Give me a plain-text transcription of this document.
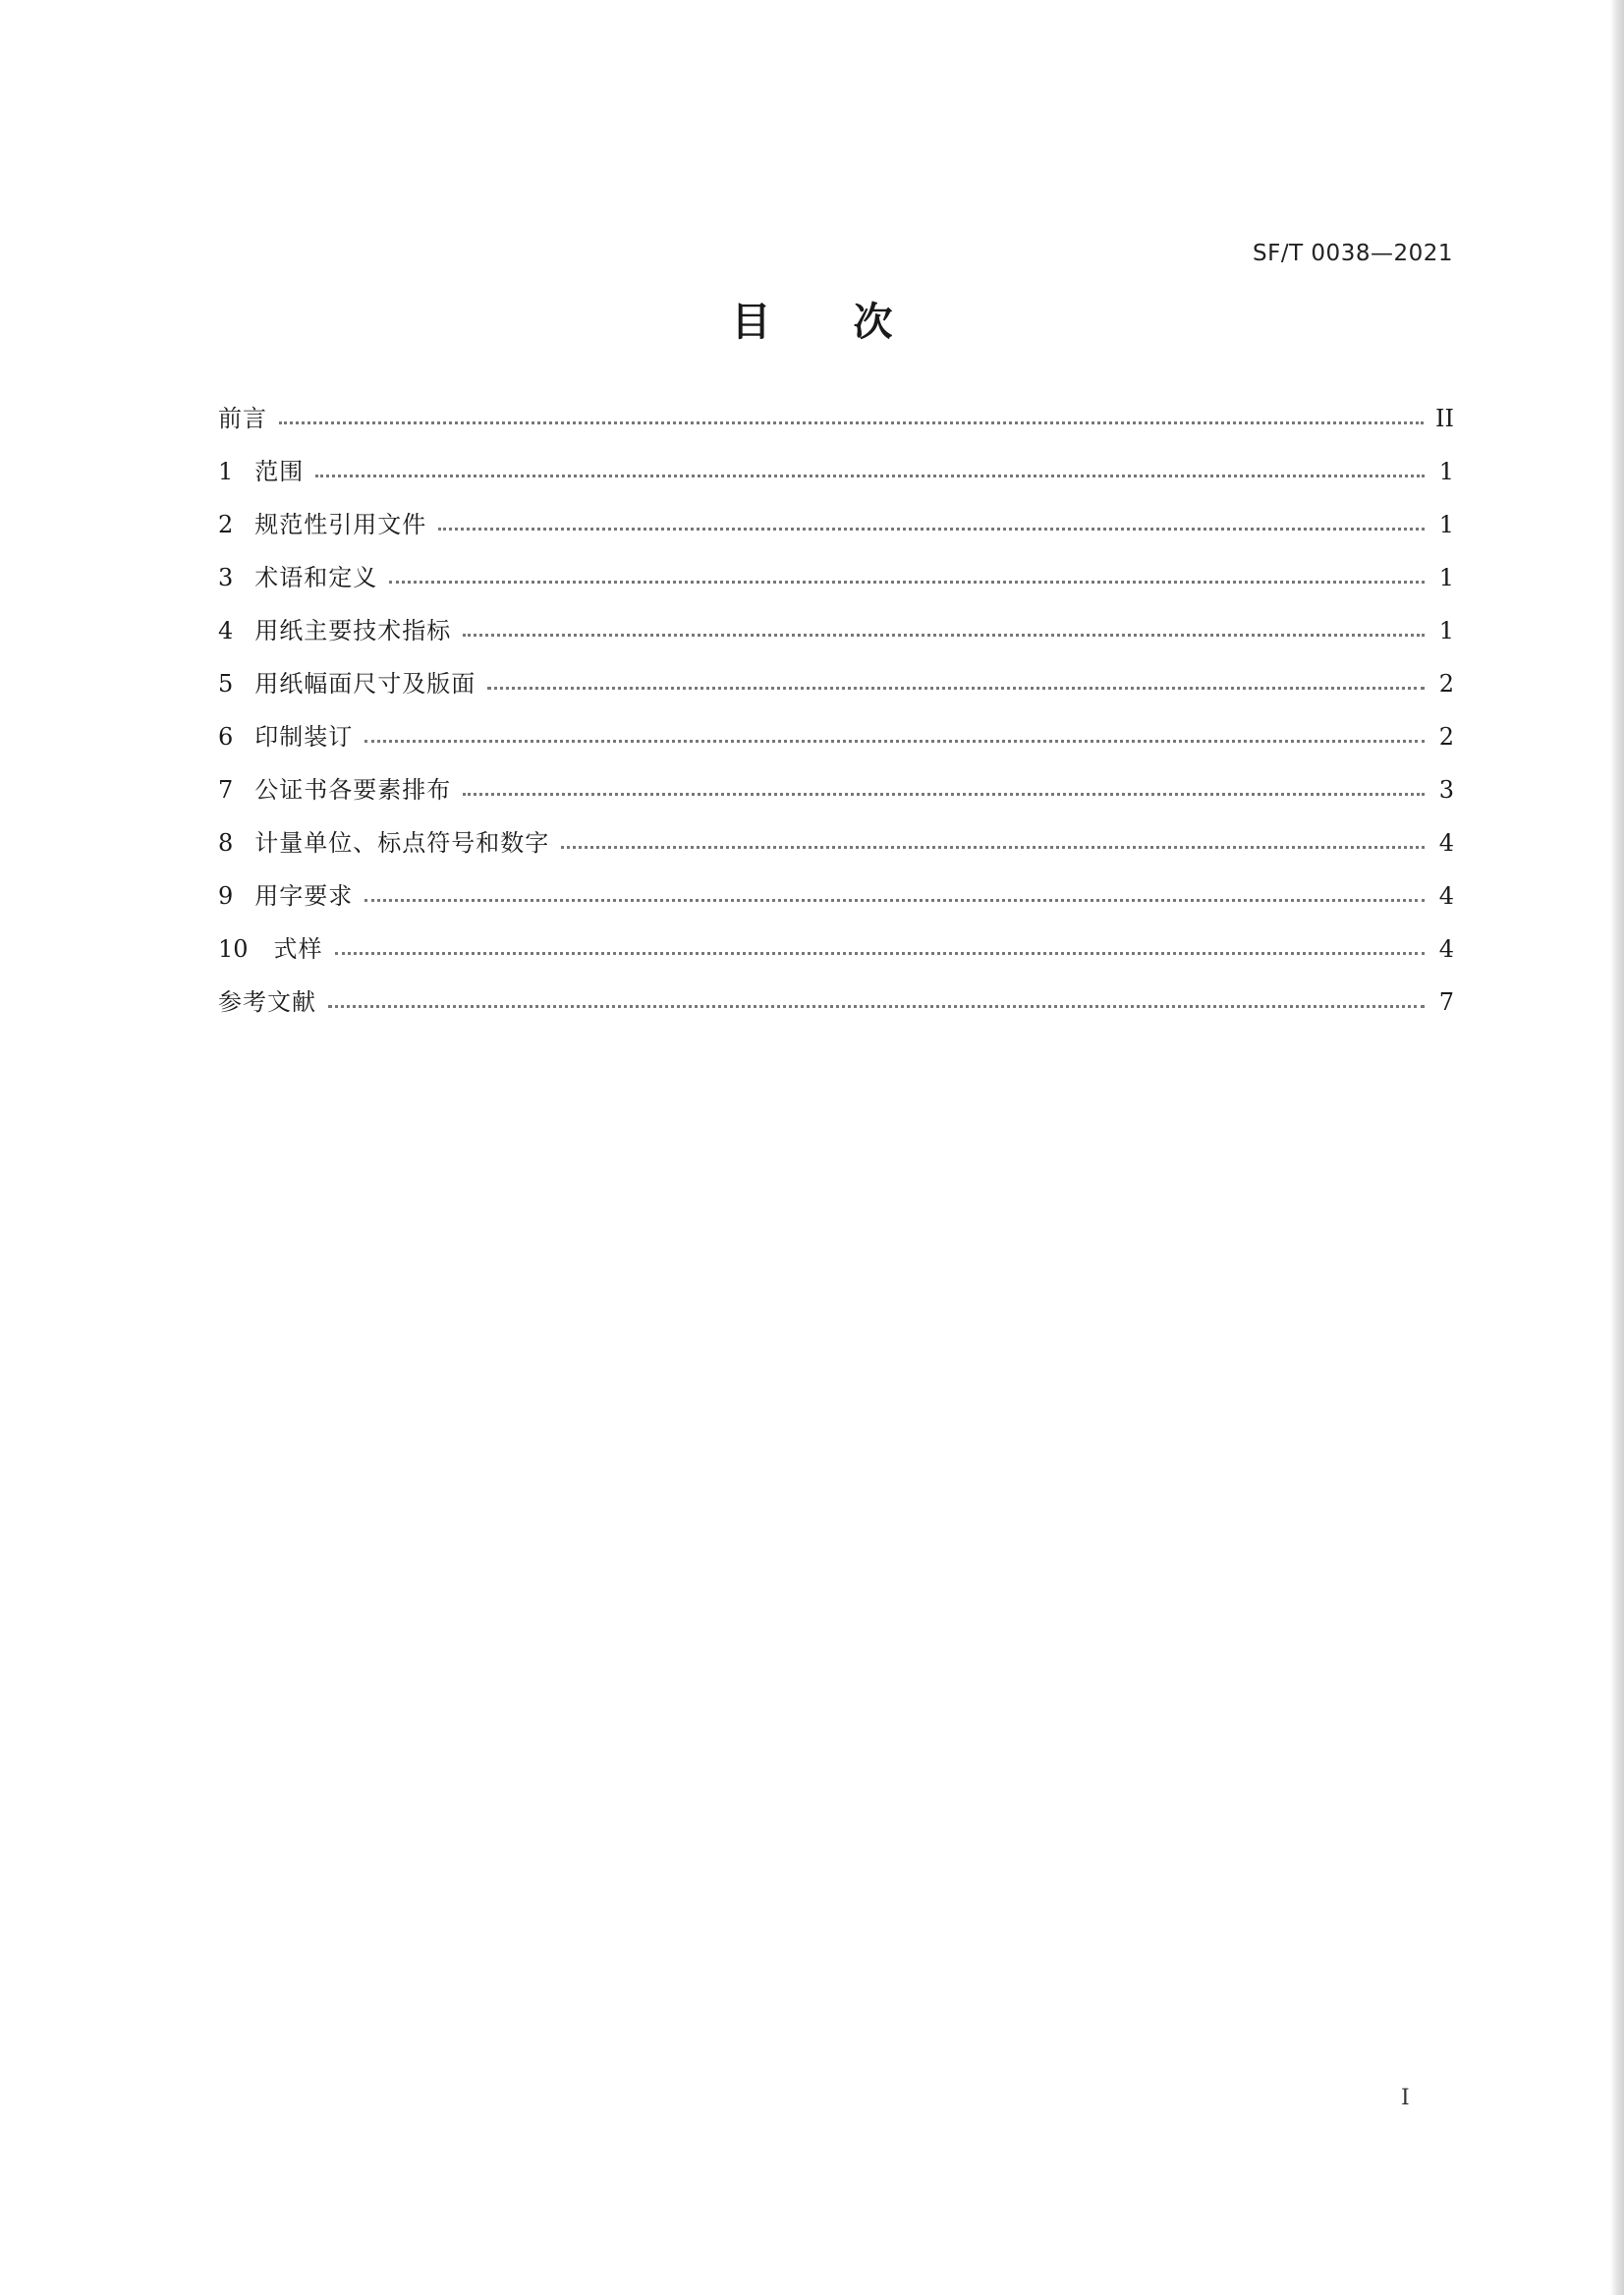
SF/T 0038—2021
目 次
前言	II
1 范围	1
2 规范性引用文件	1
3 术语和定义	1
4 用纸主要技术指标	1
5 用纸幅面尺寸及版面	2
6 印制装订	2
7 公证书各要素排布	3
8 计量单位、标点符号和数字	4
9 用字要求	4
10 式样	4
参考文献	7
I
